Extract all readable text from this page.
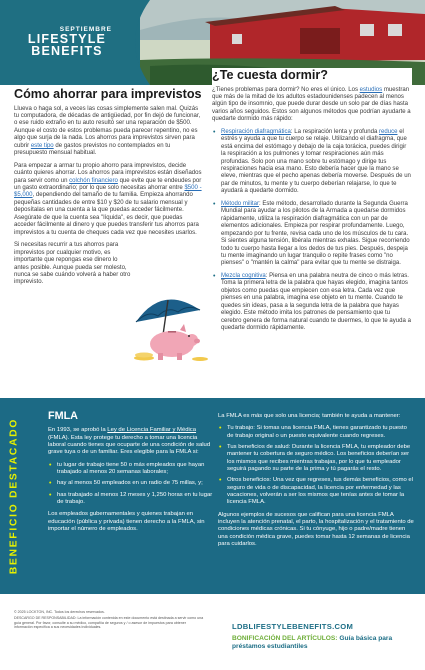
SEPTIEMBRE
LIFESTYLE
BENEFITS
Cómo ahorrar para imprevistos

Llueva o haga sol, a veces las cosas simplemente salen mal. Quizás tu computadora, de décadas de antigüedad, por fin dejó de funcionar, o ese ruido extraño en tu auto resultó ser una reparación de $500. Aunque el costo de estos problemas pueda parecer repentino, no es algo que surja de la nada. Los ahorros para imprevistos sirven para cubrir este tipo de gastos previstos no contemplados en tu presupuesto mensual habitual.

Para empezar a armar tu propio ahorro para imprevistos, decide cuánto quieres ahorrar. Los ahorros para imprevistos están diseñados para servir como un colchón financiero que evite que te endeudes por un gasto extraordinario; por lo que solo necesitas ahorrar entre $500 - $5,000, dependiendo del tamaño de tu familia. Empieza ahorrando pequeñas cantidades de entre $10 y $20 de tu salario mensual y deposítalas en una cuenta a la que puedas acceder fácilmente. Asegúrate de que la cuenta sea "líquida", es decir, que puedas acceder fácilmente al dinero y que puedes transferir tus ahorros para imprevistos a tu cuenta de cheques cada vez que necesites usarlos.

Si necesitas recurrir a tus ahorros para imprevistos por cualquier motivo, es importante que repongas ese dinero lo antes posible. Aunque pueda ser molesto, nunca se sabe cuándo volverá a haber otro imprevisto.

¿Te cuesta dormir?

¿Tienes problemas para dormir? No eres el único. Los estudios muestran que más de la mitad de los adultos estadounidenses padecen al menos algún tipo de insomnio, que puede durar desde un solo par de días hasta varios años seguidos. Estos son algunos métodos que podrían ayudarte a quedarte dormido más rápido:

• Respiración diafragmática: La respiración lenta y profunda reduce el estrés y ayuda a que tu cuerpo se relaje. Utilizando el diafragma, que está encima del estómago y debajo de la caja torácica, puedes dirigir la respiración a los pulmones y tomar respiraciones aún más profundas. Solo pon una mano sobre tu estómago y dirige tus respiraciones hacia esa mano. Esto debería hacer que la mano se eleve, mientras que el pecho apenas debería moverse. Después de un par de minutos, tu mente y tu cuerpo deberían relajarse, lo que te ayudará a quedarte dormido.
• Método militar: Este método, desarrollado durante la Segunda Guerra Mundial para ayudar a los pilotos de la Armada a quedarse dormidos rápidamente, utiliza la respiración diafragmática con un par de elementos adicionales. Empieza por respirar profundamente. Luego, empezando por tu frente, revisa cada uno de los músculos de tu cara. Si sientes alguna tensión, libérala mientras exhalas. Sigue recorriendo todo tu cuerpo hasta llegar a los dedos de tus pies. Después, despeja tu mente imaginando un lugar tranquilo o repite frases como "no pienses" o "mantén la calma" para evitar que tu mente se distraiga.
• Mezcla cognitiva: Piensa en una palabra neutra de cinco o más letras. Toma la primera letra de la palabra que hayas elegido, imagina tantos objetos como puedas que empiecen con esa letra. Cada vez que pienses en una palabra, imagina ese objeto en tu mente. Cuando te quedes sin ideas, pasa a la segunda letra de la palabra que hayas elegido. Este método imita los patrones de pensamiento que tu cerebro genera de forma natural cuando te duermes, lo que te ayuda a quedarte dormido rápidamente.
BENEFICIO DESTACADO
FMLA

En 1993, se aprobó la Ley de Licencia Familiar y Médica (FMLA). Esta ley protege tu derecho a tomar una licencia laboral cuando tienes que ocuparte de una condición de salud grave tuya o de un familiar. Eres elegible para la FMLA si:

• tu lugar de trabajo tiene 50 o más empleados que hayan trabajado al menos 20 semanas laborales;
• hay al menos 50 empleados en un radio de 75 millas, y;
• has trabajado al menos 12 meses y 1,250 horas en tu lugar de trabajo.

Los empleados gubernamentales y quienes trabajan en educación (pública y privada) tienen derecho a la FMLA, sin importar el número de empleados.

La FMLA es más que solo una licencia; también te ayuda a mantener:

• Tu trabajo: Si tomas una licencia FMLA, tienes garantizado tu puesto de trabajo original o un puesto equivalente cuando regreses.
• Tus beneficios de salud: Durante la licencia FMLA, tu empleador debe mantener tu cobertura de seguro médico. Los beneficios deberían ser los mismos que recibes mientras trabajas, por lo que tu empleador seguirá pagando su parte de la prima y tú pagarás el resto.
• Otros beneficios: Una vez que regreses, tus demás beneficios, como el seguro de vida o de discapacidad, la licencia por enfermedad y las vacaciones, volverán a ser los mismos que tenías antes de tomar la licencia FMLA.

Algunos ejemplos de sucesos que califican para una licencia FMLA incluyen la atención prenatal, el parto, la hospitalización y el tratamiento de condiciones médicas crónicas. Si tu cónyuge, hijo o padre/madre tienen una condición médica grave, puedes tomar hasta 12 semanas de licencia para cuidarlos.

© 2025 LOCKTON, INC. Todos los derechos reservados.

DESCARGO DE RESPONSABILIDAD: La información contenida en este documento está destinada a servir como una guía general. Por favor, consulte a su médico, compañía de seguros y / o asesor de impuestos para obtener información específica a sus necesidades individuales.	LDBLIFESTYLEBENEFITS.COM
BONIFICACIÓN DEL ARTÍCULOS: Guía básica para préstamos estudiantiles
